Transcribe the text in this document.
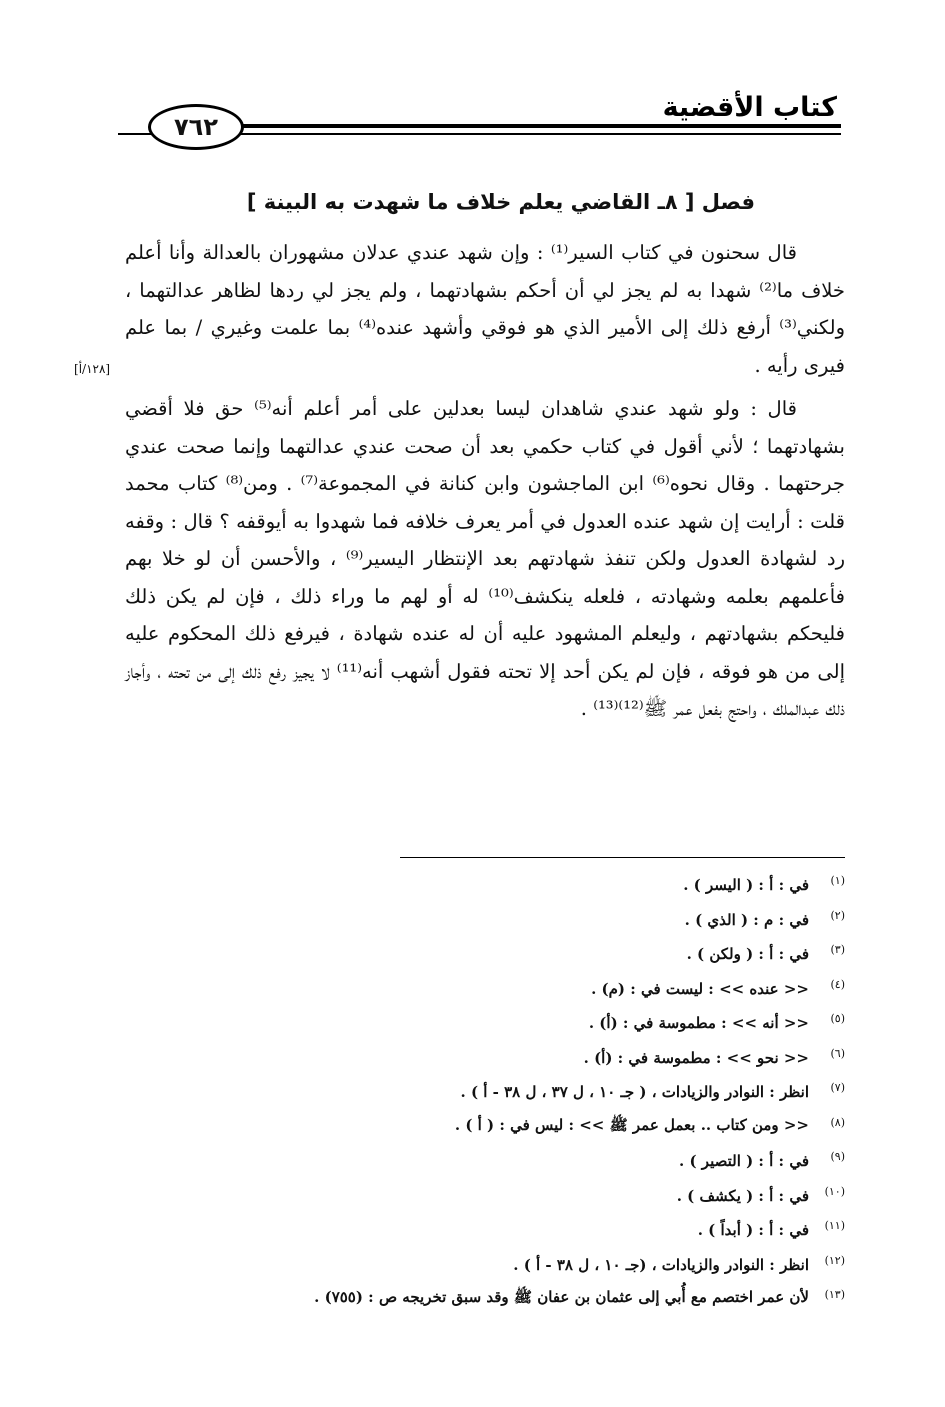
كتاب الأقضية
٧٦٢
فصل [ ٨ـ القاضي يعلم خلاف ما شهدت به البينة ]
[١٢٨/أ]

قال سحنون في كتاب السير⁽¹⁾ : وإن شهد عندي عدلان مشهوران بالعدالة وأنا أعلم خلاف ما⁽²⁾ شهدا به لم يجز لي أن أحكم بشهادتهما ، ولم يجز لي ردها لظاهر عدالتهما ، ولكني⁽³⁾ أرفع ذلك إلى الأمير الذي هو فوقي وأشهد عنده⁽⁴⁾ بما علمت وغيري / بما علم فيرى رأيه .

قال : ولو شهد عندي شاهدان ليسا بعدلين على أمر أعلم أنه⁽⁵⁾ حق فلا أقضي بشهادتهما ؛ لأني أقول في كتاب حكمي بعد أن صحت عندي عدالتهما وإنما صحت عندي جرحتهما . وقال نحوه⁽⁶⁾ ابن الماجشون وابن كنانة في المجموعة⁽⁷⁾ . ومن⁽⁸⁾ كتاب محمد قلت : أرايت إن شهد عنده العدول في أمر يعرف خلافه فما شهدوا به أيوقفه ؟ قال : وقفه رد لشهادة العدول ولكن تنفذ شهادتهم بعد الإنتظار اليسير⁽⁹⁾ ، والأحسن أن لو خلا بهم فأعلمهم بعلمه وشهادته ، فلعله ينكشف⁽¹⁰⁾ له أو لهم ما وراء ذلك ، فإن لم يكن ذلك فليحكم بشهادتهم ، وليعلم المشهود عليه أن له عنده شهادة ، فيرفع ذلك المحكوم عليه إلى من هو فوقه ، فإن لم يكن أحد إلا تحته فقول أشهب أنه⁽¹¹⁾ لا يجيز رفع ذلك إلى من تحته ، وأجاز ذلك عبدالملك ، واحتج بفعل عمر ﷺ⁽¹²⁾⁽¹³⁾ .

(١)
في : أ : ( اليسر ) .
(٢)
في : م : ( الذي ) .
(٣)
في : أ : ( ولكن ) .
(٤)
<< عنده >> : ليست في : (م) .
(٥)
<< أنه >> : مطموسة في : (أ) .
(٦)
<< نحو >> : مطموسة في : (أ) .
(٧)
انظر : النوادر والزيادات ، ( جـ ١٠ ، ل ٣٧ ، ل ٣٨ - أ ) .
(٨)
<< ومن كتاب .. بعمل عمر ﷺ >> : ليس في : ( أ ) .
(٩)
في : أ : ( التصير ) .
(١٠)
في : أ : ( يكشف ) .
(١١)
في : أ : ( أبداً ) .
(١٢)
انظر : النوادر والزيادات ، (جـ ١٠ ، ل ٣٨ - أ ) .
(١٣)
لأن عمر اختصم مع أُبي إلى عثمان بن عفان ﷺ وقد سبق تخريجه ص : (٧٥٥) .
